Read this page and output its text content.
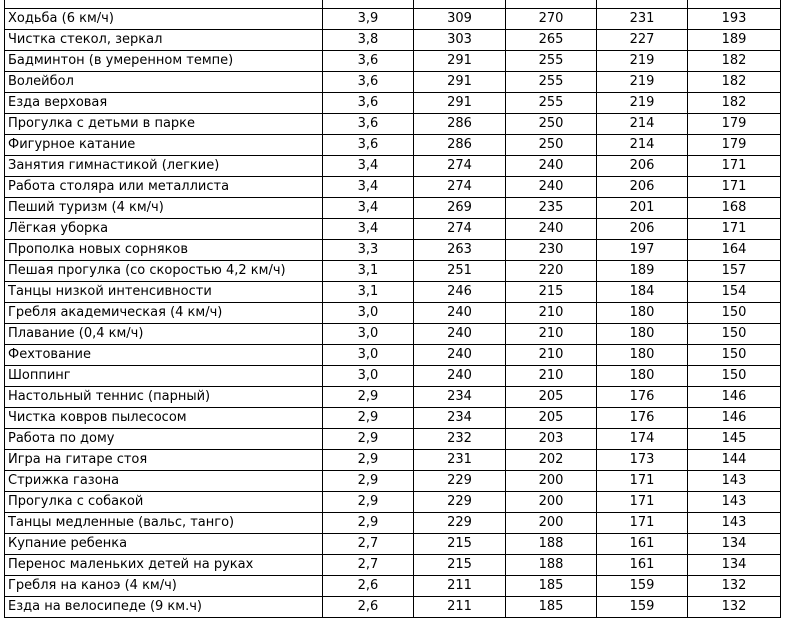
Ходьба (6 км/ч)	3,9	309	270	231	193
Чистка стекол, зеркал	3,8	303	265	227	189
Бадминтон (в умеренном темпе)	3,6	291	255	219	182
Волейбол	3,6	291	255	219	182
Езда верховая	3,6	291	255	219	182
Прогулка с детьми в парке	3,6	286	250	214	179
Фигурное катание	3,6	286	250	214	179
Занятия гимнастикой (легкие)	3,4	274	240	206	171
Работа столяра или металлиста	3,4	274	240	206	171
Пеший туризм (4 км/ч)	3,4	269	235	201	168
Лёгкая уборка	3,4	274	240	206	171
Прополка новых сорняков	3,3	263	230	197	164
Пешая прогулка (со скоростью 4,2 км/ч)	3,1	251	220	189	157
Танцы низкой интенсивности	3,1	246	215	184	154
Гребля академическая (4 км/ч)	3,0	240	210	180	150
Плавание (0,4 км/ч)	3,0	240	210	180	150
Фехтование	3,0	240	210	180	150
Шоппинг	3,0	240	210	180	150
Настольный теннис (парный)	2,9	234	205	176	146
Чистка ковров пылесосом	2,9	234	205	176	146
Работа по дому	2,9	232	203	174	145
Игра на гитаре стоя	2,9	231	202	173	144
Стрижка газона	2,9	229	200	171	143
Прогулка с собакой	2,9	229	200	171	143
Танцы медленные (вальс, танго)	2,9	229	200	171	143
Купание ребенка	2,7	215	188	161	134
Перенос маленьких детей на руках	2,7	215	188	161	134
Гребля на каноэ (4 км/ч)	2,6	211	185	159	132
Езда на велосипеде (9 км.ч)	2,6	211	185	159	132
